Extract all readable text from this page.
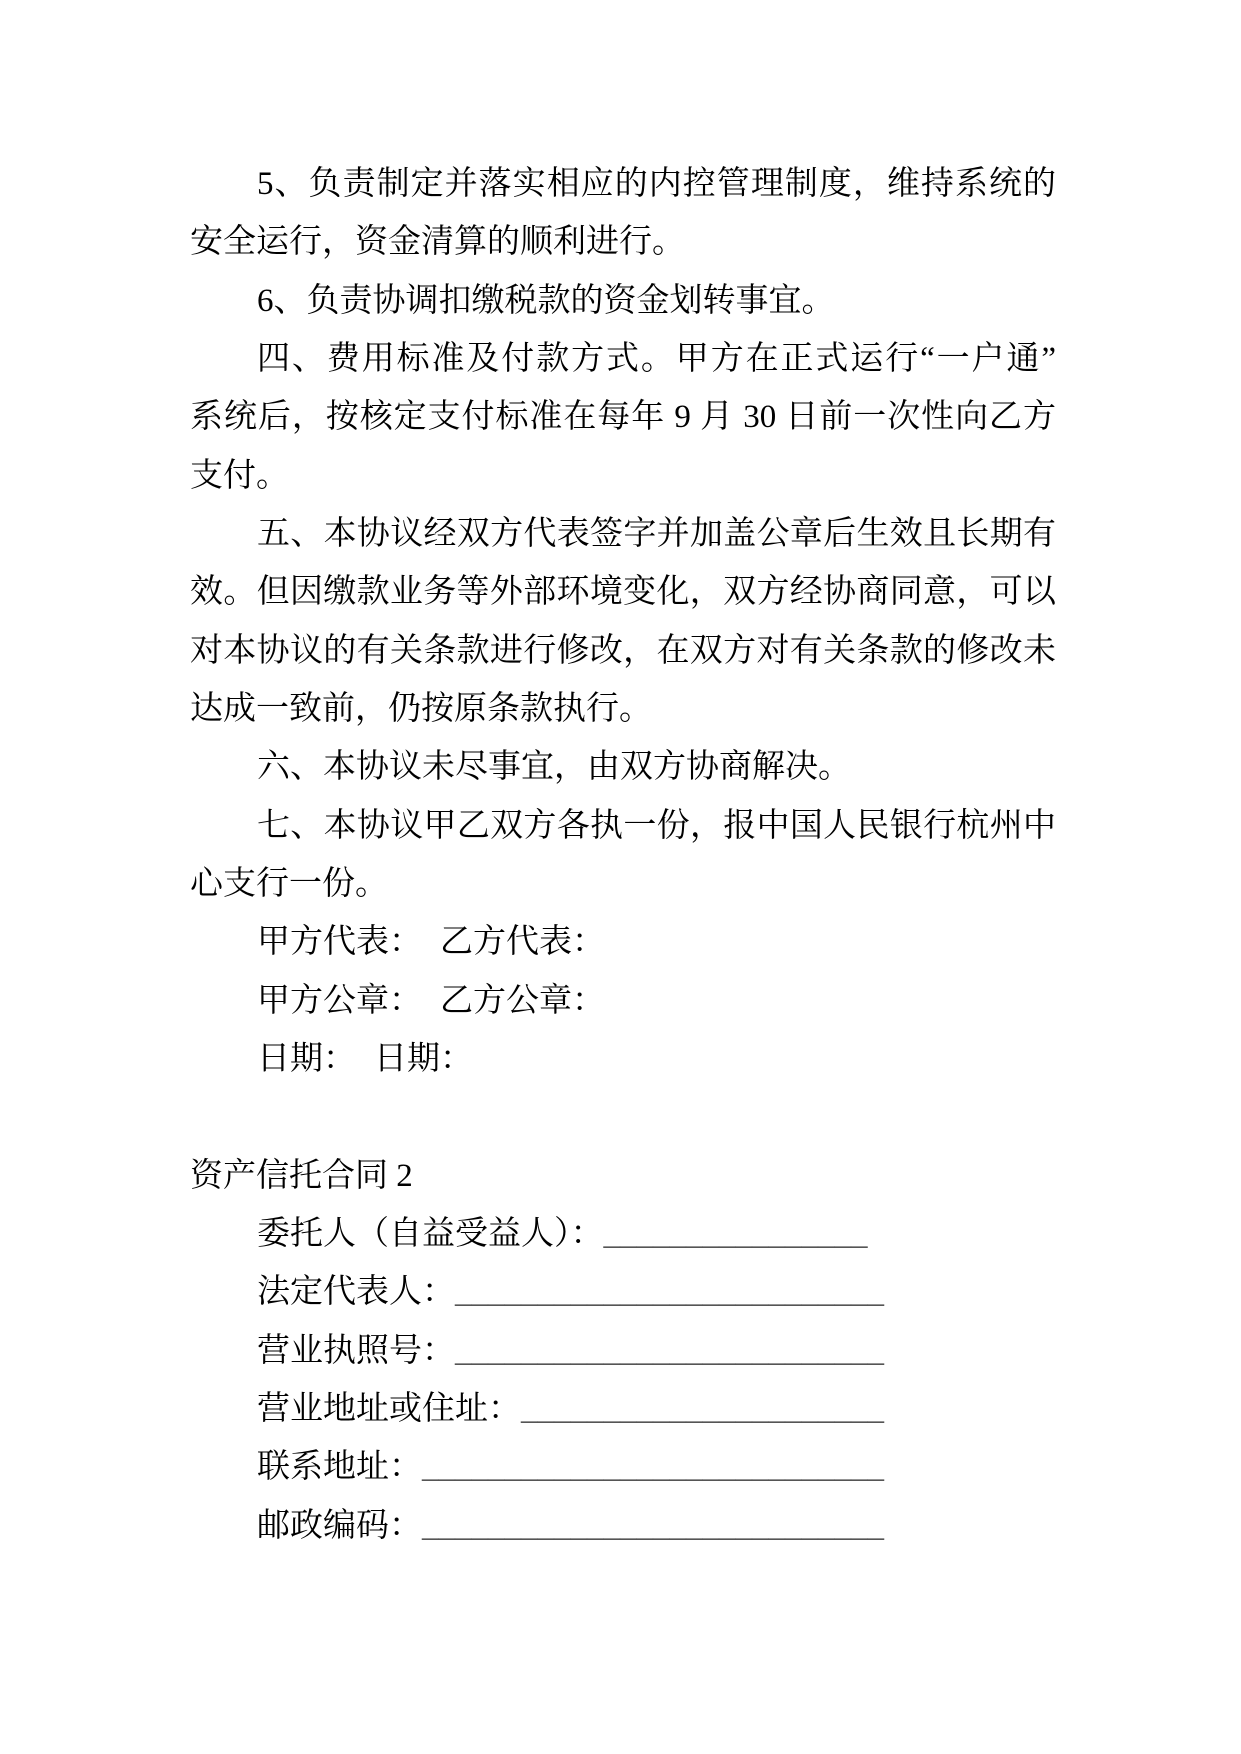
5、负责制定并落实相应的内控管理制度，维持系统的
安全运行，资金清算的顺利进行。
6、负责协调扣缴税款的资金划转事宜。
四、费用标准及付款方式。甲方在正式运行“一户通”
系统后，按核定支付标准在每年 9 月 30 日前一次性向乙方
支付。
五、本协议经双方代表签字并加盖公章后生效且长期有
效。但因缴款业务等外部环境变化，双方经协商同意，可以
对本协议的有关条款进行修改，在双方对有关条款的修改未
达成一致前，仍按原条款执行。
六、本协议未尽事宜，由双方协商解决。
七、本协议甲乙双方各执一份，报中国人民银行杭州中
心支行一份。
甲方代表： 乙方代表：
甲方公章： 乙方公章：
日期： 日期：
资产信托合同 2
委托人（自益受益人）：________________
法定代表人：__________________________
营业执照号：__________________________
营业地址或住址：______________________
联系地址：____________________________
邮政编码：____________________________
